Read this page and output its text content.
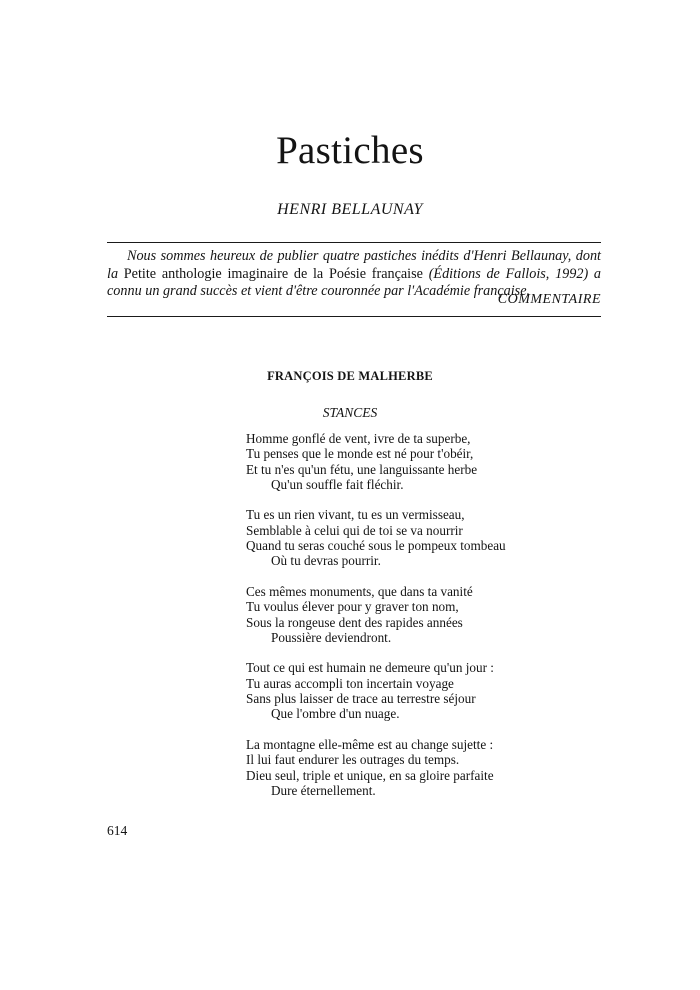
Pastiches

HENRI BELLAUNAY

Nous sommes heureux de publier quatre pastiches inédits d'Henri Bellaunay, dont la Petite anthologie imaginaire de la Poésie française (Éditions de Fallois, 1992) a connu un grand succès et vient d'être couronnée par l'Académie française.

COMMENTAIRE

FRANÇOIS DE MALHERBE

STANCES

Homme gonflé de vent, ivre de ta superbe,
Tu penses que le monde est né pour t'obéir,
Et tu n'es qu'un fétu, une languissante herbe
Qu'un souffle fait fléchir.
Tu es un rien vivant, tu es un vermisseau,
Semblable à celui qui de toi se va nourrir
Quand tu seras couché sous le pompeux tombeau
Où tu devras pourrir.
Ces mêmes monuments, que dans ta vanité
Tu voulus élever pour y graver ton nom,
Sous la rongeuse dent des rapides années
Poussière deviendront.
Tout ce qui est humain ne demeure qu'un jour :
Tu auras accompli ton incertain voyage
Sans plus laisser de trace au terrestre séjour
Que l'ombre d'un nuage.
La montagne elle-même est au change sujette :
Il lui faut endurer les outrages du temps.
Dieu seul, triple et unique, en sa gloire parfaite
Dure éternellement.

614
